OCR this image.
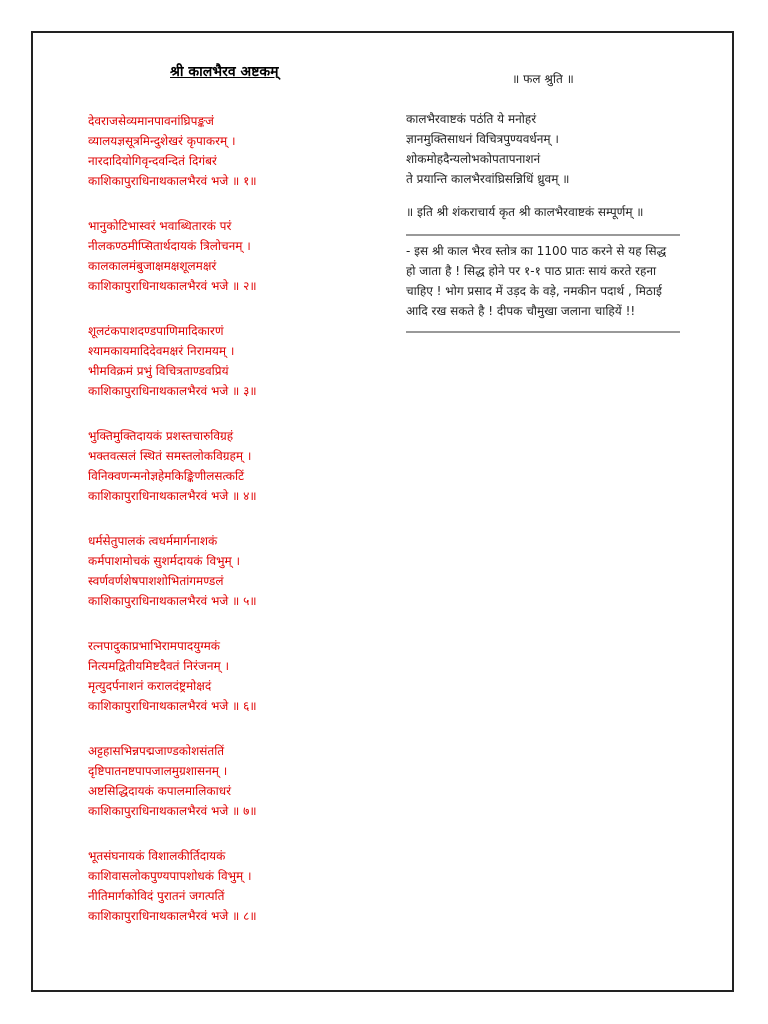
श्री कालभैरव अष्टकम्
देवराजसेव्यमानपावनांघ्रिपङ्कजं
व्यालयज्ञसूत्रमिन्दुशेखरं कृपाकरम् ।
नारदादियोगिवृन्दवन्दितं दिगंबरं
काशिकापुराधिनाथकालभैरवं भजे ॥ १॥
भानुकोटिभास्वरं भवाब्धितारकं परं
नीलकण्ठमीप्सितार्थदायकं त्रिलोचनम् ।
कालकालमंबुजाक्षमक्षशूलमक्षरं
काशिकापुराधिनाथकालभैरवं भजे ॥ २॥
शूलटंकपाशदण्डपाणिमादिकारणं
श्यामकायमादिदेवमक्षरं निरामयम् ।
भीमविक्रमं प्रभुं विचित्रताण्डवप्रियं
काशिकापुराधिनाथकालभैरवं भजे ॥ ३॥
भुक्तिमुक्तिदायकं प्रशस्तचारुविग्रहं
भक्तवत्सलं स्थितं समस्तलोकविग्रहम् ।
विनिक्वणन्मनोज्ञहेमकिङ्किणीलसत्कटिं
काशिकापुराधिनाथकालभैरवं भजे ॥ ४॥
धर्मसेतुपालकं त्वधर्ममार्गनाशकं
कर्मपाशमोचकं सुशर्मदायकं विभुम् ।
स्वर्णवर्णशेषपाशशोभितांगमण्डलं
काशिकापुराधिनाथकालभैरवं भजे ॥ ५॥
रत्नपादुकाप्रभाभिरामपादयुग्मकं
नित्यमद्वितीयमिष्टदैवतं निरंजनम् ।
मृत्युदर्पनाशनं करालदंष्ट्रमोक्षदं
काशिकापुराधिनाथकालभैरवं भजे ॥ ६॥
अट्टहासभिन्नपद्मजाण्डकोशसंततिं
दृष्टिपातनष्टपापजालमुग्रशासनम् ।
अष्टसिद्धिदायकं कपालमालिकाधरं
काशिकापुराधिनाथकालभैरवं भजे ॥ ७॥
भूतसंघनायकं विशालकीर्तिदायकं
काशिवासलोकपुण्यपापशोधकं विभुम् ।
नीतिमार्गकोविदं पुरातनं जगत्पतिं
काशिकापुराधिनाथकालभैरवं भजे ॥ ८॥
॥ फल श्रुति ॥
कालभैरवाष्टकं पठंति ये मनोहरं
ज्ञानमुक्तिसाधनं विचित्रपुण्यवर्धनम् ।
शोकमोहदैन्यलोभकोपतापनाशनं
ते प्रयान्ति कालभैरवांघ्रिसन्निधिं ध्रुवम् ॥
॥ इति श्री शंकराचार्य कृत श्री कालभैरवाष्टकं सम्पूर्णम् ॥
- इस श्री काल भैरव स्तोत्र का 1100 पाठ करने से यह सिद्ध
हो जाता है ! सिद्ध होने पर १-१ पाठ प्रातः सायं करते रहना
चाहिए ! भोग प्रसाद में उड़द के वड़े, नमकीन पदार्थ , मिठाई
आदि रख सकते है ! दीपक चौमुखा जलाना चाहियें !!
